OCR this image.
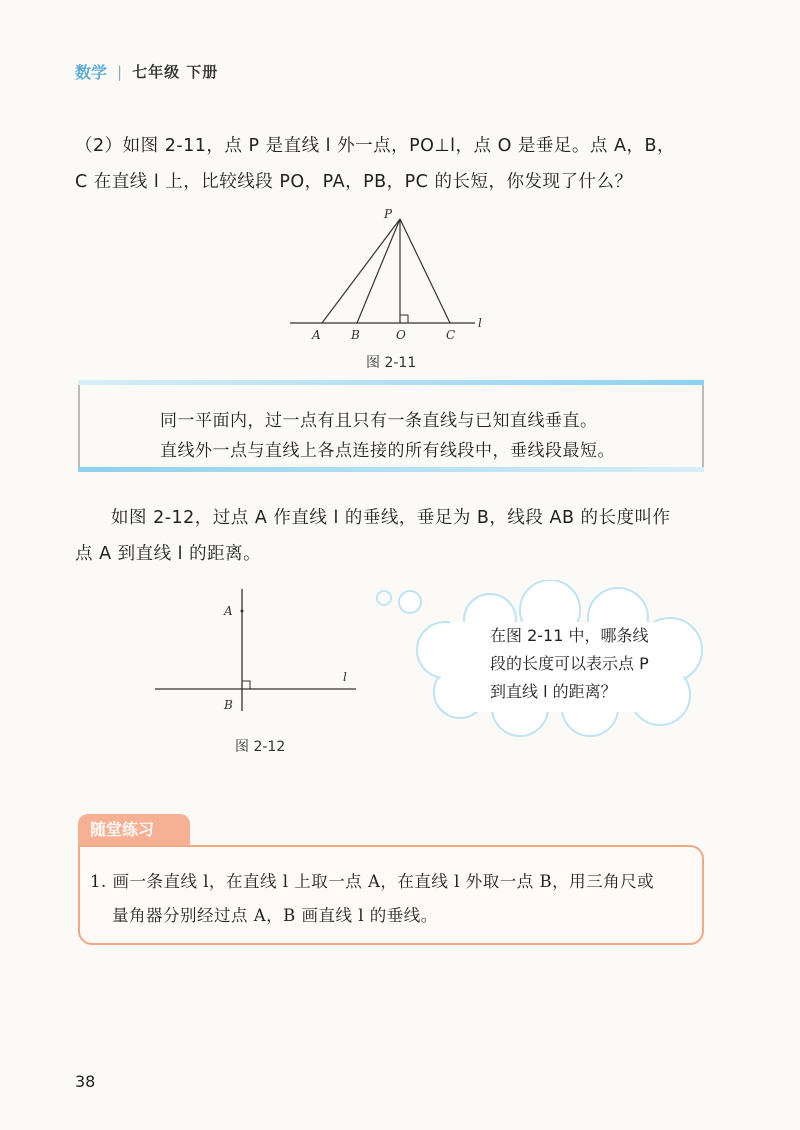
数学 | 七年级 下册
（2）如图 2-11，点 P 是直线 l 外一点，PO⊥l，点 O 是垂足。点 A，B，
C 在直线 l 上，比较线段 PO，PA，PB，PC 的长短，你发现了什么？
P
A	B	O	C
l
图 2-11
同一平面内，过一点有且只有一条直线与已知直线垂直。
直线外一点与直线上各点连接的所有线段中，垂线段最短。
如图 2-12，过点 A 作直线 l 的垂线，垂足为 B，线段 AB 的长度叫作
点 A 到直线 l 的距离。
A
B
l
图 2-12
在图 2-11 中，哪条线
段的长度可以表示点 P
到直线 l 的距离？
随堂练习
1. 画一条直线 l，在直线 l 上取一点 A，在直线 l 外取一点 B，用三角尺或
量角器分别经过点 A，B 画直线 l 的垂线。
38
